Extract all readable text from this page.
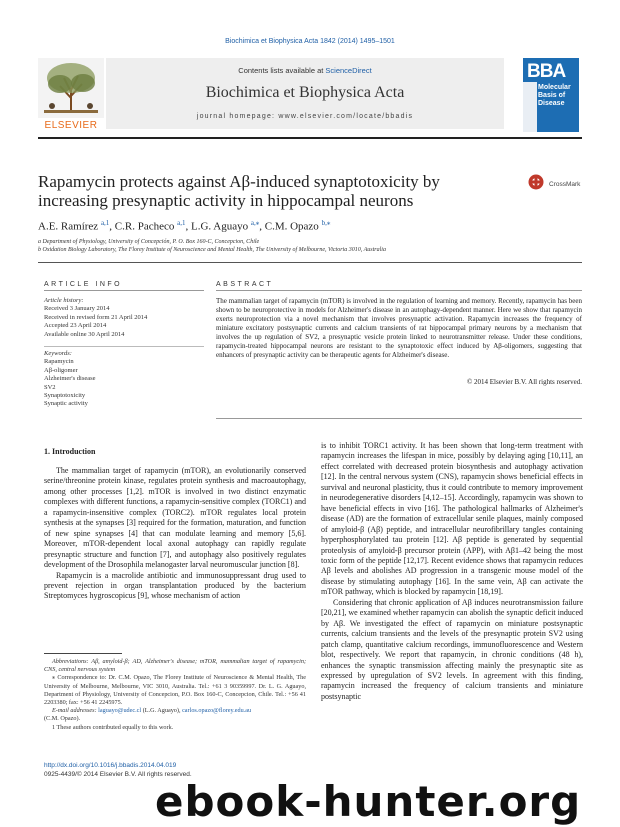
Biochimica et Biophysica Acta 1842 (2014) 1495–1501
ELSEVIER
Contents lists available at ScienceDirect
Biochimica et Biophysica Acta
journal homepage: www.elsevier.com/locate/bbadis
BBA
Molecular
Basis of
Disease
Rapamycin protects against Aβ-induced synaptotoxicity by increasing presynaptic activity in hippocampal neurons
CrossMark
A.E. Ramírez $^{a,1}$, C.R. Pacheco $^{a,1}$, L.G. Aguayo $^{a,⁎}$, C.M. Opazo $^{b,⁎}$
a Department of Physiology, University of Concepción, P. O. Box 160-C, Concepcion, Chile
b Oxidation Biology Laboratory, The Florey Institute of Neuroscience and Mental Health, The University of Melbourne, Victoria 3010, Australia
ARTICLE INFO	ABSTRACT
Article history:
Received 3 January 2014
Received in revised form 21 April 2014
Accepted 23 April 2014
Available online 30 April 2014
Keywords:
Rapamycin
Aβ-oligomer
Alzheimer's disease
SV2
Synaptotoxicity
Synaptic activity
The mammalian target of rapamycin (mTOR) is involved in the regulation of learning and memory. Recently, rapamycin has been shown to be neuroprotective in models for Alzheimer's disease in an autophagy-dependent manner. Here we show that rapamycin exerts neuroprotection via a novel mechanism that involves presynaptic activation. Rapamycin increases the frequency of miniature excitatory postsynaptic currents and calcium transients of rat hippocampal primary neurons by a mechanism that involves the up regulation of SV2, a presynaptic vesicle protein linked to neurotransmitter release. Under these conditions, rapamycin-treated hippocampal neurons are resistant to the synaptotoxic effect induced by Aβ-oligomers, suggesting that enhancers of presynaptic activity can be therapeutic agents for Alzheimer's disease.
© 2014 Elsevier B.V. All rights reserved.
1. Introduction

The mammalian target of rapamycin (mTOR), an evolutionarily conserved serine/threonine protein kinase, regulates protein synthesis and macroautophagy, among other processes [1,2]. mTOR is involved in two distinct enzymatic complexes with different functions, a rapamycin-sensitive complex (TORC1) and a rapamycin-insensitive complex (TORC2). mTOR regulates local protein synthesis at the synapses [3] required for the formation, maturation, and function of new spine synapses [4] that can modulate learning and memory [5,6]. Moreover, mTOR-dependent local axonal autophagy can rapidly regulate presynaptic structure and function [7], and autophagy also positively regulates development of the Drosophila melanogaster larval neuromuscular junction [8].

Rapamycin is a macrolide antibiotic and immunosuppressant drug used to prevent rejection in organ transplantation produced by the bacterium Streptomyces hygroscopicus [9], whose mechanism of action

is to inhibit TORC1 activity. It has been shown that long-term treatment with rapamycin increases the lifespan in mice, possibly by delaying aging [10,11], an effect correlated with decreased protein biosynthesis and autophagy activation [12]. In the central nervous system (CNS), rapamycin shows beneficial effects in survival and neuronal plasticity, thus it could contribute to memory improvement in neurodegenerative disorders [4,12–15]. Accordingly, rapamycin was shown to have beneficial effects in vivo [16]. The pathological hallmarks of Alzheimer's disease (AD) are the formation of extracellular senile plaques, mainly composed of amyloid-β (Aβ) peptide, and intracellular neurofibrillary tangles containing hyperphosphorylated tau protein [12]. Aβ peptide is generated by sequential proteolysis of amyloid-β precursor protein (APP), with Aβ1–42 being the most toxic form of the peptide [12,17]. Recent evidence shows that rapamycin reduces Aβ levels and abolishes AD progression in a transgenic mouse model of the disease by stimulating autophagy [16]. In the same vein, Aβ can activate the mTOR pathway, which is blocked by rapamycin [18,19].

Considering that chronic application of Aβ induces neurotransmission failure [20,21], we examined whether rapamycin can abolish the synaptic deficit induced by Aβ. We investigated the effect of rapamycin on miniature postsynaptic currents, calcium transients and the levels of the presynaptic protein SV2 using patch clamp, quantitative calcium recordings, immunofluorescence and Western blot, respectively. We report that rapamycin, in chronic conditions (48 h), enhances the synaptic transmission affecting mainly the presynaptic site as expressed by upregulation of SV2 levels. In agreement with this finding, rapamycin increased the frequency of calcium transients and miniature postsynaptic

Abbreviations: Aβ, amyloid-β; AD, Alzheimer's disease; mTOR, mammalian target of rapamycin; CNS, central nervous system
⁎ Correspondence to: Dr. C.M. Opazo, The Florey Institute of Neuroscience & Mental Health, The University of Melbourne, Melbourne, VIC 3010, Australia. Tel.: +61 3 90359997. Dr. L. G. Aguayo, Department of Physiology, University of Concepcion, P.O. Box 160-C, Concepcion, Chile. Tel.: +56 41 2203380; fax: +56 41 2245975.
E-mail addresses: laguayo@udec.cl (L.G. Aguayo), carlos.opazo@florey.edu.au
(C.M. Opazo).
1 These authors contributed equally to this work.
http://dx.doi.org/10.1016/j.bbadis.2014.04.019
0925-4439/© 2014 Elsevier B.V. All rights reserved.
ebook-hunter.org
